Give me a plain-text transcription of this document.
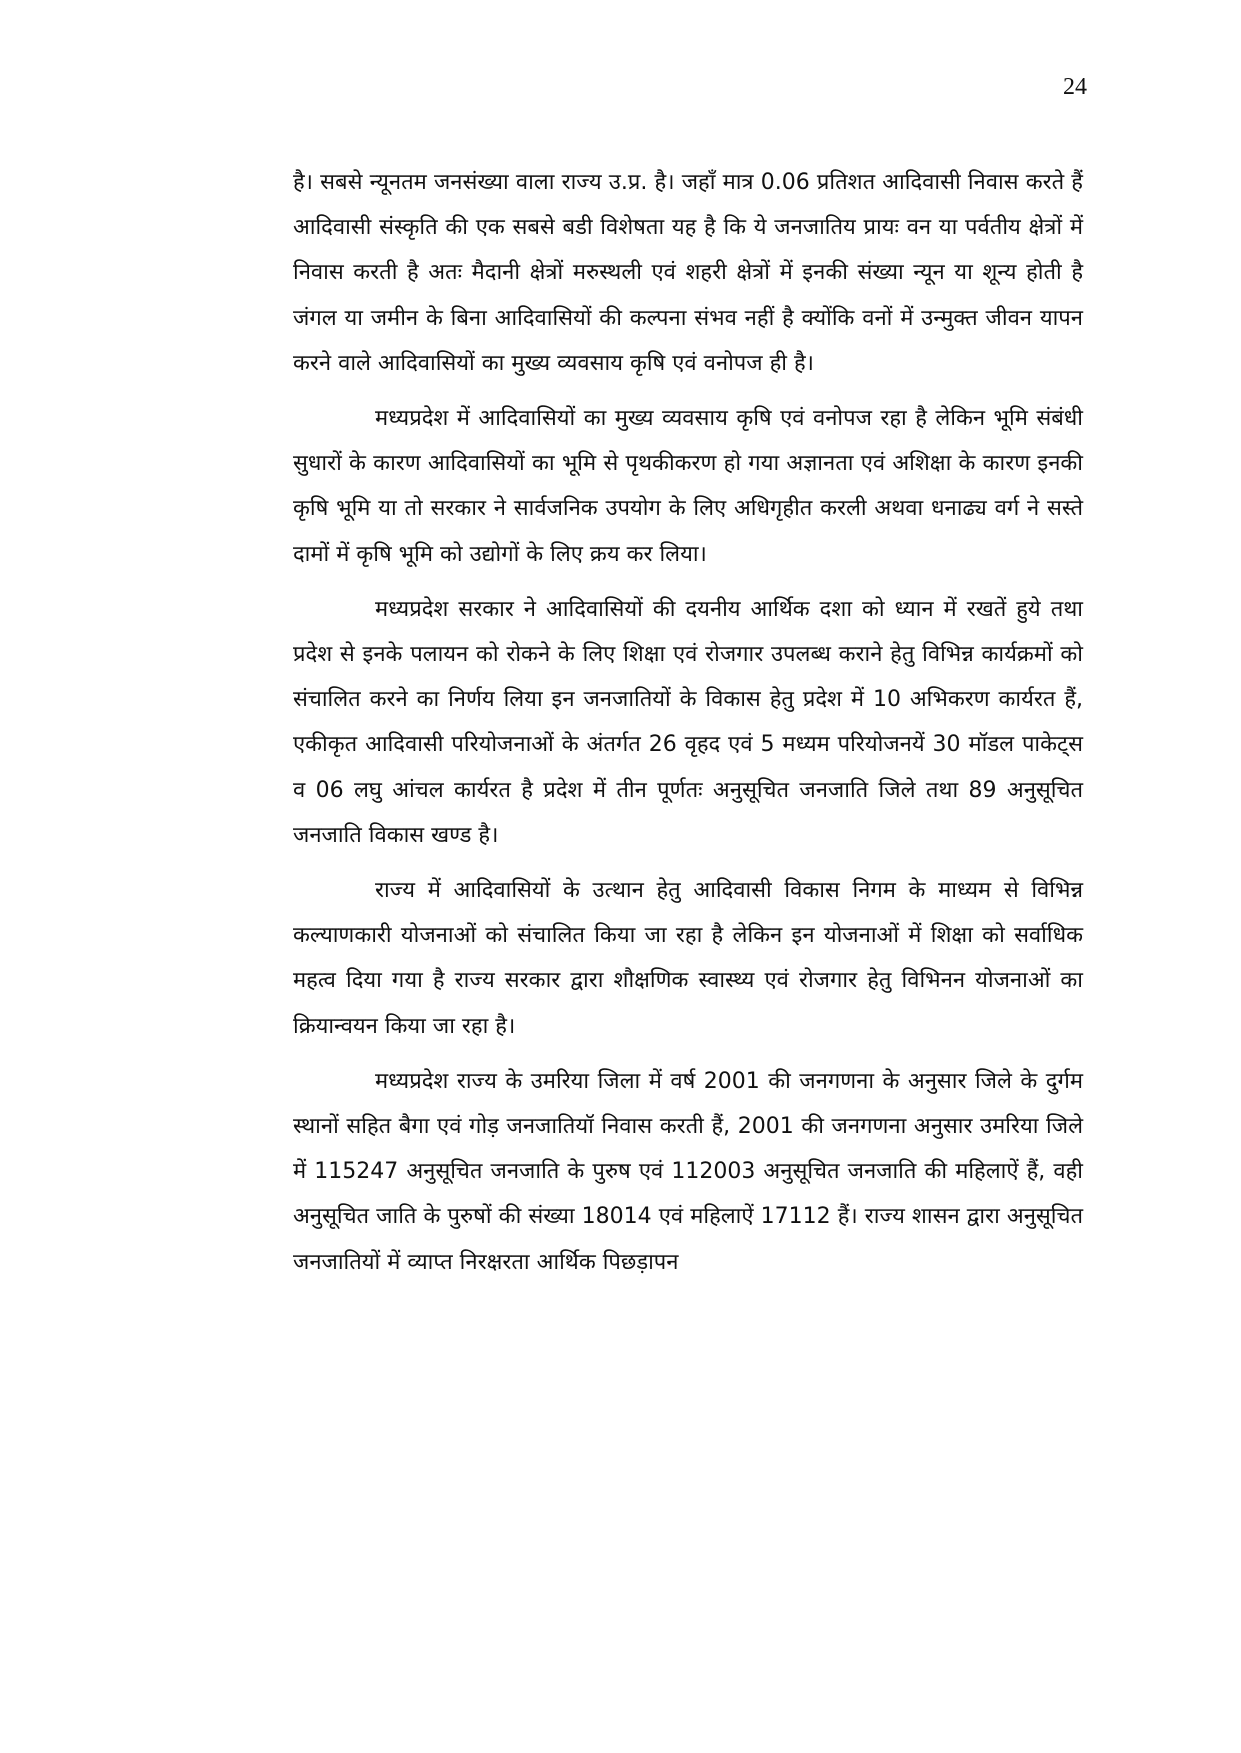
24

है। सबसे न्यूनतम जनसंख्या वाला राज्य उ.प्र. है। जहाँ मात्र 0.06 प्रतिशत आदिवासी निवास करते हैं आदिवासी संस्कृति की एक सबसे बडी विशेषता यह है कि ये जनजातिय प्रायः वन या पर्वतीय क्षेत्रों में निवास करती है अतः मैदानी क्षेत्रों मरुस्थली एवं शहरी क्षेत्रों में इनकी संख्या न्यून या शून्य होती है जंगल या जमीन के बिना आदिवासियों की कल्पना संभव नहीं है क्योंकि वनों में उन्मुक्त जीवन यापन करने वाले आदिवासियों का मुख्य व्यवसाय कृषि एवं वनोपज ही है।

मध्यप्रदेश में आदिवासियों का मुख्य व्यवसाय कृषि एवं वनोपज रहा है लेकिन भूमि संबंधी सुधारों के कारण आदिवासियों का भूमि से पृथकीकरण हो गया अज्ञानता एवं अशिक्षा के कारण इनकी कृषि भूमि या तो सरकार ने सार्वजनिक उपयोग के लिए अधिगृहीत करली अथवा धनाढ्य वर्ग ने सस्ते दामों में कृषि भूमि को उद्योगों के लिए क्रय कर लिया।

मध्यप्रदेश सरकार ने आदिवासियों की दयनीय आर्थिक दशा को ध्यान में रखतें हुये तथा प्रदेश से इनके पलायन को रोकने के लिए शिक्षा एवं रोजगार उपलब्ध कराने हेतु विभिन्न कार्यक्रमों को संचालित करने का निर्णय लिया इन जनजातियों के विकास हेतु प्रदेश में 10 अभिकरण कार्यरत हैं, एकीकृत आदिवासी परियोजनाओं के अंतर्गत 26 वृहद एवं 5 मध्यम परियोजनयें 30 मॉडल पाकेट्स व 06 लघु आंचल कार्यरत है प्रदेश में तीन पूर्णतः अनुसूचित जनजाति जिले तथा 89 अनुसूचित जनजाति विकास खण्ड है।

राज्य में आदिवासियों के उत्थान हेतु आदिवासी विकास निगम के माध्यम से विभिन्न कल्याणकारी योजनाओं को संचालित किया जा रहा है लेकिन इन योजनाओं में शिक्षा को सर्वाधिक महत्व दिया गया है राज्य सरकार द्वारा शौक्षणिक स्वास्थ्य एवं रोजगार हेतु विभिनन योजनाओं का क्रियान्वयन किया जा रहा है।

मध्यप्रदेश राज्य के उमरिया जिला में वर्ष 2001 की जनगणना के अनुसार जिले के दुर्गम स्थानों सहित बैगा एवं गोड़ जनजातियॉ निवास करती हैं, 2001 की जनगणना अनुसार उमरिया जिले में 115247 अनुसूचित जनजाति के पुरुष एवं 112003 अनुसूचित जनजाति की महिलाऐं हैं, वही अनुसूचित जाति के पुरुषों की संख्या 18014 एवं महिलाऐं 17112 हैं। राज्य शासन द्वारा अनुसूचित जनजातियों में व्याप्त निरक्षरता आर्थिक पिछड़ापन
